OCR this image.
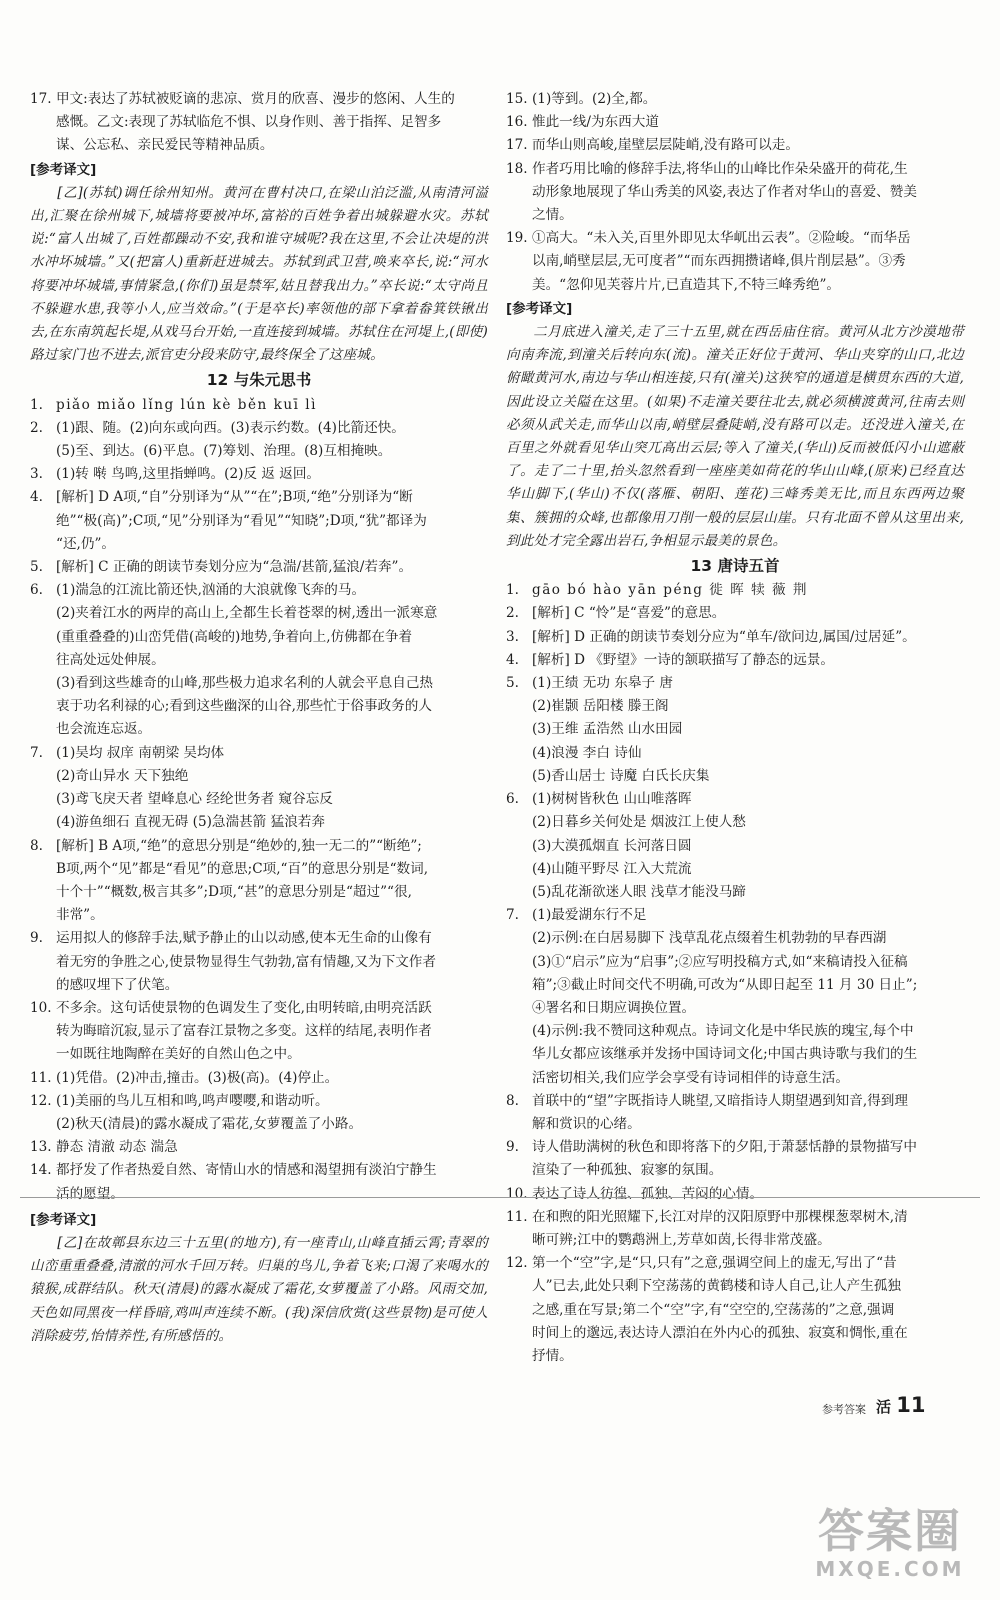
17. 甲文:表达了苏轼被贬谪的悲凉、赏月的欣喜、漫步的悠闲、人生的
感慨。乙文:表现了苏轼临危不惧、以身作则、善于指挥、足智多
谋、公忘私、亲民爱民等精神品质。
[参考译文]
[乙](苏轼)调任徐州知州。黄河在曹村决口,在梁山泊泛滥,从南清河溢出,汇聚在徐州城下,城墙将要被冲坏,富裕的百姓争着出城躲避水灾。苏轼说:“富人出城了,百姓都躁动不安,我和谁守城呢?我在这里,不会让决堤的洪水冲坏城墙。”又(把富人)重新赶进城去。苏轼到武卫营,唤来卒长,说:“河水将要冲坏城墙,事情紧急,(你们)虽是禁军,姑且替我出力。”卒长说:“太守尚且不躲避水患,我等小人,应当效命。”(于是卒长)率领他的部下拿着畚箕铁锹出去,在东南筑起长堤,从戏马台开始,一直连接到城墙。苏轼住在河堤上,(即使)路过家门也不进去,派官吏分段来防守,最终保全了这座城。
12 与朱元思书
1. piǎo miǎo lǐng lún kè běn kuī lì
2. (1)跟、随。(2)向东或向西。(3)表示约数。(4)比箭还快。
(5)至、到达。(6)平息。(7)筹划、治理。(8)互相掩映。
3. (1)转 啭 鸟鸣,这里指蝉鸣。(2)反 返 返回。
4. [解析] D A项,“自”分别译为“从”“在”;B项,“绝”分别译为“断
绝”“极(高)”;C项,“见”分别译为“看见”“知晓”;D项,“犹”都译为
“还,仍”。
5. [解析] C 正确的朗读节奏划分应为“急湍/甚箭,猛浪/若奔”。
6. (1)湍急的江流比箭还快,汹涌的大浪就像飞奔的马。
(2)夹着江水的两岸的高山上,全都生长着苍翠的树,透出一派寒意
(重重叠叠的)山峦凭借(高峻的)地势,争着向上,仿佛都在争着
往高处远处伸展。
(3)看到这些雄奇的山峰,那些极力追求名利的人就会平息自己热
衷于功名利禄的心;看到这些幽深的山谷,那些忙于俗事政务的人
也会流连忘返。
7. (1)吴均 叔庠 南朝梁 吴均体
(2)奇山异水 天下独绝
(3)鸢飞戾天者 望峰息心 经纶世务者 窥谷忘反
(4)游鱼细石 直视无碍 (5)急湍甚箭 猛浪若奔
8. [解析] B A项,“绝”的意思分别是“绝妙的,独一无二的”“断绝”;
B项,两个“见”都是“看见”的意思;C项,“百”的意思分别是“数词,
十个十”“概数,极言其多”;D项,“甚”的意思分别是“超过”“很,
非常”。
9. 运用拟人的修辞手法,赋予静止的山以动感,使本无生命的山像有
着无穷的争胜之心,使景物显得生气勃勃,富有情趣,又为下文作者
的感叹埋下了伏笔。
10. 不多余。这句话使景物的色调发生了变化,由明转暗,由明亮活跃
转为晦暗沉寂,显示了富春江景物之多变。这样的结尾,表明作者
一如既往地陶醉在美好的自然山色之中。
11. (1)凭借。(2)冲击,撞击。(3)极(高)。(4)停止。
12. (1)美丽的鸟儿互相和鸣,鸣声嘤嘤,和谐动听。
(2)秋天(清晨)的露水凝成了霜花,女萝覆盖了小路。
13. 静态 清澈 动态 湍急
14. 都抒发了作者热爱自然、寄情山水的情感和渴望拥有淡泊宁静生
活的愿望。
[参考译文]
[乙]在故鄣县东边三十五里(的地方),有一座青山,山峰直插云霄;青翠的山峦重重叠叠,清澈的河水千回万转。归巢的鸟儿,争着飞来;口渴了来喝水的猿猴,成群结队。秋天(清晨)的露水凝成了霜花,女萝覆盖了小路。风雨交加,天色如同黑夜一样昏暗,鸡叫声连续不断。(我)深信欣赏(这些景物)是可使人消除疲劳,怡情养性,有所感悟的。
15. (1)等到。(2)全,都。
16. 惟此一线/为东西大道
17. 而华山则高峻,崖壁层层陡峭,没有路可以走。
18. 作者巧用比喻的修辞手法,将华山的山峰比作朵朵盛开的荷花,生
动形象地展现了华山秀美的风姿,表达了作者对华山的喜爱、赞美
之情。
19. ①高大。“未入关,百里外即见太华屼出云表”。②险峻。“而华岳
以南,峭壁层层,无可度者”“而东西拥攒诸峰,俱片削层悬”。③秀
美。“忽仰见芙蓉片片,已直造其下,不特三峰秀绝”。
[参考译文]
二月底进入潼关,走了三十五里,就在西岳庙住宿。黄河从北方沙漠地带向南奔流,到潼关后转向东(流)。潼关正好位于黄河、华山夹穿的山口,北边俯瞰黄河水,南边与华山相连接,只有(潼关)这狭窄的通道是横贯东西的大道,因此设立关隘在这里。(如果)不走潼关要往北去,就必须横渡黄河,往南去则必须从武关走,而华山以南,峭壁层叠陡峭,没有路可以走。还没进入潼关,在百里之外就看见华山突兀高出云层;等入了潼关,(华山)反而被低闪小山遮蔽了。走了二十里,抬头忽然看到一座座美如荷花的华山山峰,(原来)已经直达华山脚下,(华山)不仅(落雁、朝阳、莲花)三峰秀美无比,而且东西两边聚集、簇拥的众峰,也都像用刀削一般的层层山崖。只有北面不曾从这里出来,到此处才完全露出岩石,争相显示最美的景色。
13 唐诗五首
1. gāo bó hào yān péng 徙 晖 犊 薇 荆
2. [解析] C “怜”是“喜爱”的意思。
3. [解析] D 正确的朗读节奏划分应为“单车/欲问边,属国/过居延”。
4. [解析] D 《野望》一诗的颔联描写了静态的远景。
5. (1)王绩 无功 东皋子 唐
(2)崔颢 岳阳楼 滕王阁
(3)王维 孟浩然 山水田园
(4)浪漫 李白 诗仙
(5)香山居士 诗魔 白氏长庆集
6. (1)树树皆秋色 山山唯落晖
(2)日暮乡关何处是 烟波江上使人愁
(3)大漠孤烟直 长河落日圆
(4)山随平野尽 江入大荒流
(5)乱花渐欲迷人眼 浅草才能没马蹄
7. (1)最爱湖东行不足
(2)示例:在白居易脚下 浅草乱花点缀着生机勃勃的早春西湖
(3)①“启示”应为“启事”;②应写明投稿方式,如“来稿请投入征稿
箱”;③截止时间交代不明确,可改为“从即日起至 11 月 30 日止”;
④署名和日期应调换位置。
(4)示例:我不赞同这种观点。诗词文化是中华民族的瑰宝,每个中
华儿女都应该继承并发扬中国诗词文化;中国古典诗歌与我们的生
活密切相关,我们应学会享受有诗词相伴的诗意生活。
8. 首联中的“望”字既指诗人眺望,又暗指诗人期望遇到知音,得到理
解和赏识的心绪。
9. 诗人借助满树的秋色和即将落下的夕阳,于萧瑟恬静的景物描写中
渲染了一种孤独、寂寥的氛围。
10. 表达了诗人彷徨、孤独、苦闷的心情。
11. 在和煦的阳光照耀下,长江对岸的汉阳原野中那棵棵葱翠树木,清
晰可辨;江中的鹦鹉洲上,芳草如茵,长得非常茂盛。
12. 第一个“空”字,是“只,只有”之意,强调空间上的虚无,写出了“昔
人”已去,此处只剩下空荡荡的黄鹤楼和诗人自己,让人产生孤独
之感,重在写景;第二个“空”字,有“空空的,空荡荡的”之意,强调
时间上的邈远,表达诗人漂泊在外内心的孤独、寂寞和惆怅,重在
抒情。
参考答案 活 11
答案圈
MXQE.COM
